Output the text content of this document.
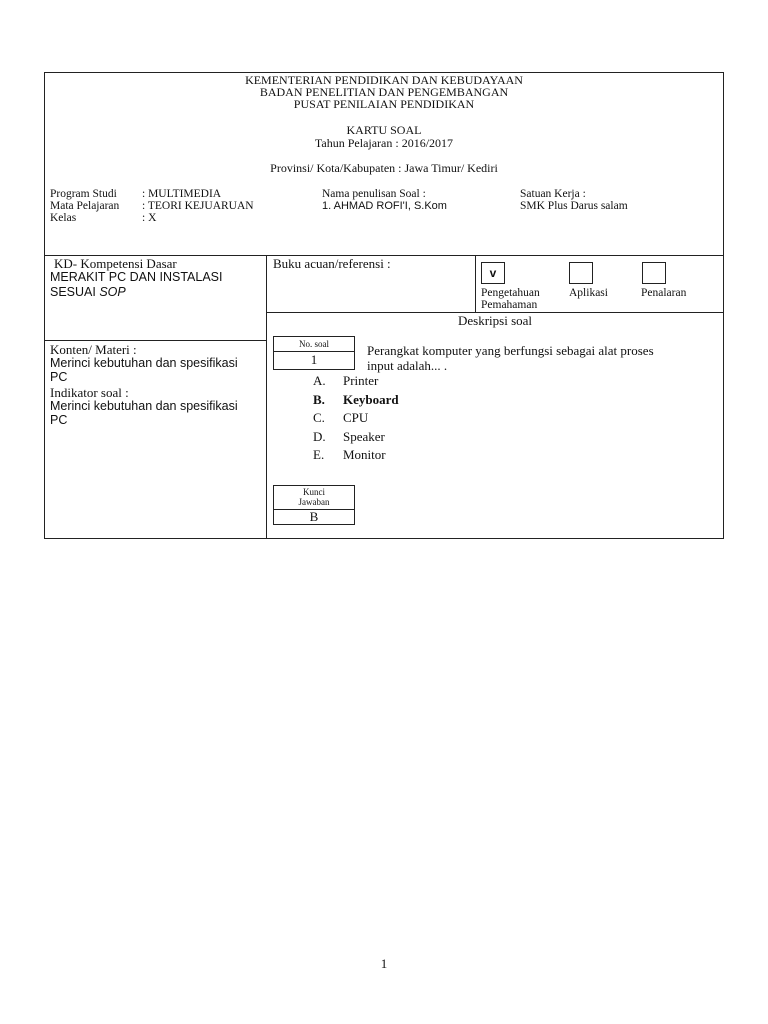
KEMENTERIAN PENDIDIKAN DAN KEBUDAYAAN
BADAN PENELITIAN DAN PENGEMBANGAN
PUSAT PENILAIAN PENDIDIKAN
KARTU SOAL
Tahun Pelajaran : 2016/2017
Provinsi/ Kota/Kabupaten : Jawa Timur/ Kediri
Program Studi : MULTIMEDIA
Mata Pelajaran : TEORI KEJUARUAN
Kelas	: X
Nama penulisan Soal :
1. AHMAD ROFI'I, S.Kom
Satuan Kerja :
SMK Plus Darus salam
KD- Kompetensi Dasar
MERAKIT PC DAN INSTALASI
SESUAI SOP
Buku acuan/referensi :
v
Pengetahuan
Pemahaman
Aplikasi	Penalaran
Deskripsi soal
Konten/ Materi :
Merinci kebutuhan dan spesifikasi
PC
Indikator soal :
Merinci kebutuhan dan spesifikasi
PC
No. soal
1
Perangkat komputer yang berfungsi sebagai alat proses
input adalah... .
A. Printer
B. Keyboard
C. CPU
D. Speaker
E. Monitor
Kunci
Jawaban
B
1
